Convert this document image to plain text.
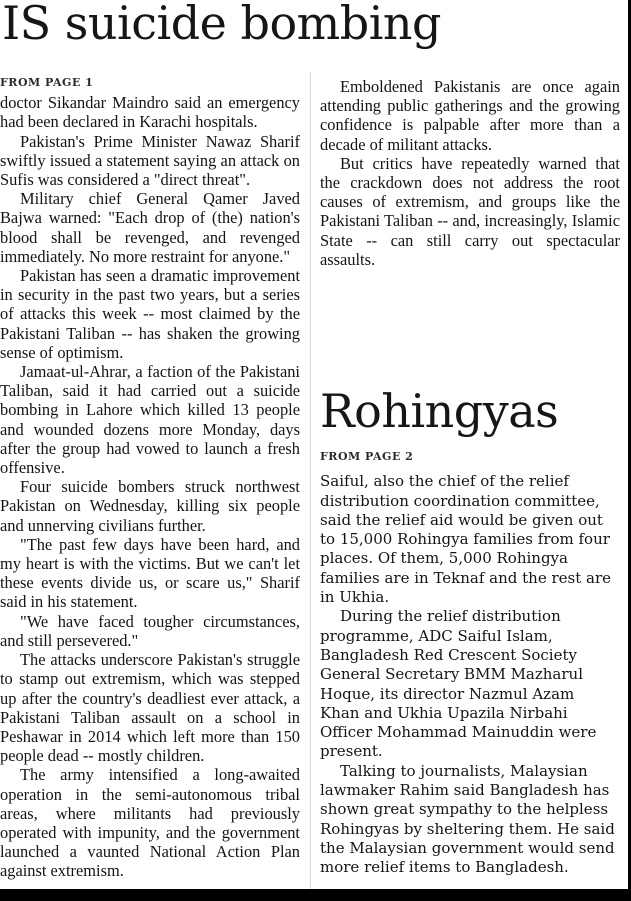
IS suicide bombing
FROM PAGE 1

doctor Sikandar Maindro said an emergency had been declared in Karachi hospitals.

Pakistan's Prime Minister Nawaz Sharif swiftly issued a statement saying an attack on Sufis was considered a "direct threat".

Military chief General Qamer Javed Bajwa warned: "Each drop of (the) nation's blood shall be revenged, and revenged immediately. No more restraint for anyone."

Pakistan has seen a dramatic improvement in security in the past two years, but a series of attacks this week -- most claimed by the Pakistani Taliban -- has shaken the growing sense of optimism.

Jamaat-ul-Ahrar, a faction of the Pakistani Taliban, said it had carried out a suicide bombing in Lahore which killed 13 people and wounded dozens more Monday, days after the group had vowed to launch a fresh offensive.

Four suicide bombers struck northwest Pakistan on Wednesday, killing six people and unnerving civilians further.

"The past few days have been hard, and my heart is with the victims. But we can't let these events divide us, or scare us," Sharif said in his statement.

"We have faced tougher circumstances, and still persevered."

The attacks underscore Pakistan's struggle to stamp out extremism, which was stepped up after the country's deadliest ever attack, a Pakistani Taliban assault on a school in Peshawar in 2014 which left more than 150 people dead -- mostly children.

The army intensified a long-awaited operation in the semi-autonomous tribal areas, where militants had previously operated with impunity, and the government launched a vaunted National Action Plan against extremism.

Emboldened Pakistanis are once again attending public gatherings and the growing confidence is palpable after more than a decade of militant attacks.

But critics have repeatedly warned that the crackdown does not address the root causes of extremism, and groups like the Pakistani Taliban -- and, increasingly, Islamic State -- can still carry out spectacular assaults.

Rohingyas
FROM PAGE 2

Saiful, also the chief of the relief distribution coordination committee, said the relief aid would be given out to 15,000 Rohingya families from four places. Of them, 5,000 Rohingya families are in Teknaf and the rest are in Ukhia.

During the relief distribution programme, ADC Saiful Islam, Bangladesh Red Crescent Society General Secretary BMM Mazharul Hoque, its director Nazmul Azam Khan and Ukhia Upazila Nirbahi Officer Mohammad Mainuddin were present.

Talking to journalists, Malaysian lawmaker Rahim said Bangladesh has shown great sympathy to the helpless Rohingyas by sheltering them. He said the Malaysian government would send more relief items to Bangladesh.
